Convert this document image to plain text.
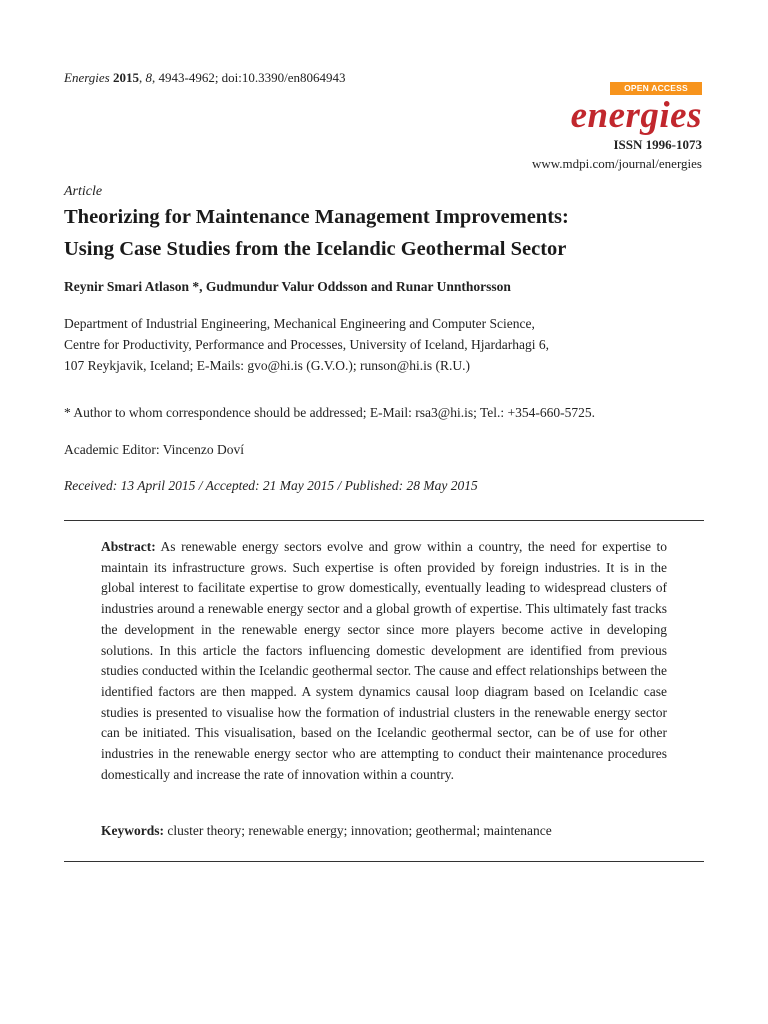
Energies 2015, 8, 4943-4962; doi:10.3390/en8064943
OPEN ACCESS
energies
ISSN 1996-1073
www.mdpi.com/journal/energies
Article
Theorizing for Maintenance Management Improvements:
Using Case Studies from the Icelandic Geothermal Sector
Reynir Smari Atlason *, Gudmundur Valur Oddsson and Runar Unnthorsson
Department of Industrial Engineering, Mechanical Engineering and Computer Science,
Centre for Productivity, Performance and Processes, University of Iceland, Hjardarhagi 6,
107 Reykjavik, Iceland; E-Mails: gvo@hi.is (G.V.O.); runson@hi.is (R.U.)
* Author to whom correspondence should be addressed; E-Mail: rsa3@hi.is; Tel.: +354-660-5725.
Academic Editor: Vincenzo Doví
Received: 13 April 2015 / Accepted: 21 May 2015 / Published: 28 May 2015
Abstract: As renewable energy sectors evolve and grow within a country, the need for expertise to maintain its infrastructure grows. Such expertise is often provided by foreign industries. It is in the global interest to facilitate expertise to grow domestically, eventually leading to widespread clusters of industries around a renewable energy sector and a global growth of expertise. This ultimately fast tracks the development in the renewable energy sector since more players become active in developing solutions. In this article the factors influencing domestic development are identified from previous studies conducted within the Icelandic geothermal sector. The cause and effect relationships between the identified factors are then mapped. A system dynamics causal loop diagram based on Icelandic case studies is presented to visualise how the formation of industrial clusters in the renewable energy sector can be initiated. This visualisation, based on the Icelandic geothermal sector, can be of use for other industries in the renewable energy sector who are attempting to conduct their maintenance procedures domestically and increase the rate of innovation within a country.
Keywords: cluster theory; renewable energy; innovation; geothermal; maintenance
